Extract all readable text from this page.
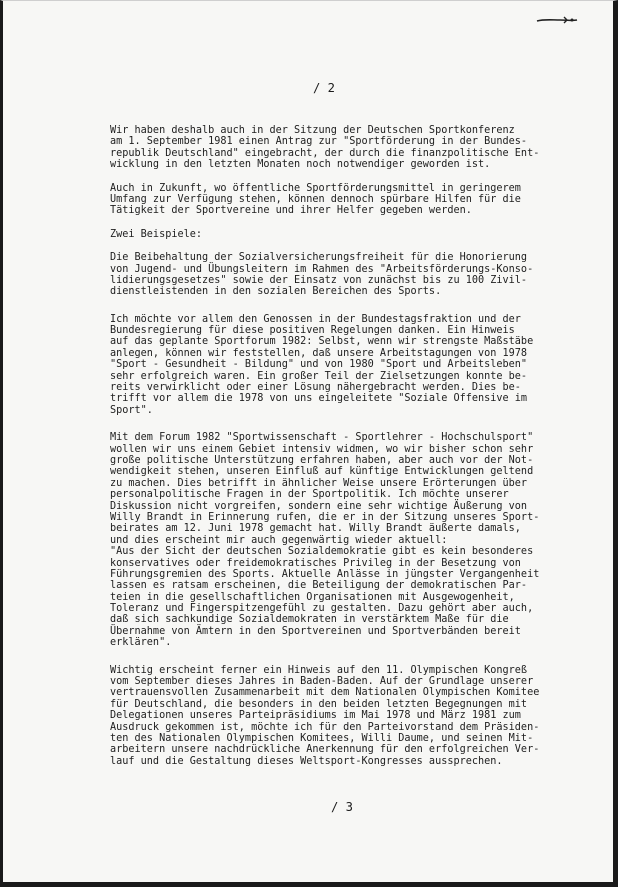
/ 2
Wir haben deshalb auch in der Sitzung der Deutschen Sportkonferenz
am 1. September 1981 einen Antrag zur "Sportförderung in der Bundes-
republik Deutschland" eingebracht, der durch die finanzpolitische Ent-
wicklung in den letzten Monaten noch notwendiger geworden ist.
Auch in Zukunft, wo öffentliche Sportförderungsmittel in geringerem
Umfang zur Verfügung stehen, können dennoch spürbare Hilfen für die
Tätigkeit der Sportvereine und ihrer Helfer gegeben werden.
Zwei Beispiele:
Die Beibehaltung der Sozialversicherungsfreiheit für die Honorierung
von Jugend- und Übungsleitern im Rahmen des "Arbeitsförderungs-Konso-
lidierungsgesetzes" sowie der Einsatz von zunächst bis zu 100 Zivil-
dienstleistenden in den sozialen Bereichen des Sports.
Ich möchte vor allem den Genossen in der Bundestagsfraktion und der
Bundesregierung für diese positiven Regelungen danken. Ein Hinweis
auf das geplante Sportforum 1982: Selbst, wenn wir strengste Maßstäbe
anlegen, können wir feststellen, daß unsere Arbeitstagungen von 1978
"Sport - Gesundheit - Bildung" und von 1980 "Sport und Arbeitsleben"
sehr erfolgreich waren. Ein großer Teil der Zielsetzungen konnte be-
reits verwirklicht oder einer Lösung nähergebracht werden. Dies be-
trifft vor allem die 1978 von uns eingeleitete "Soziale Offensive im
Sport".
Mit dem Forum 1982 "Sportwissenschaft - Sportlehrer - Hochschulsport"
wollen wir uns einem Gebiet intensiv widmen, wo wir bisher schon sehr
große politische Unterstützung erfahren haben, aber auch vor der Not-
wendigkeit stehen, unseren Einfluß auf künftige Entwicklungen geltend
zu machen. Dies betrifft in ähnlicher Weise unsere Erörterungen über
personalpolitische Fragen in der Sportpolitik. Ich möchte unserer
Diskussion nicht vorgreifen, sondern eine sehr wichtige Äußerung von
Willy Brandt in Erinnerung rufen, die er in der Sitzung unseres Sport-
beirates am 12. Juni 1978 gemacht hat. Willy Brandt äußerte damals,
und dies erscheint mir auch gegenwärtig wieder aktuell:
"Aus der Sicht der deutschen Sozialdemokratie gibt es kein besonderes
konservatives oder freidemokratisches Privileg in der Besetzung von
Führungsgremien des Sports. Aktuelle Anlässe in jüngster Vergangenheit
lassen es ratsam erscheinen, die Beteiligung der demokratischen Par-
teien in die gesellschaftlichen Organisationen mit Ausgewogenheit,
Toleranz und Fingerspitzengefühl zu gestalten. Dazu gehört aber auch,
daß sich sachkundige Sozialdemokraten in verstärktem Maße für die
Übernahme von Ämtern in den Sportvereinen und Sportverbänden bereit
erklären".
Wichtig erscheint ferner ein Hinweis auf den 11. Olympischen Kongreß
vom September dieses Jahres in Baden-Baden. Auf der Grundlage unserer
vertrauensvollen Zusammenarbeit mit dem Nationalen Olympischen Komitee
für Deutschland, die besonders in den beiden letzten Begegnungen mit
Delegationen unseres Parteipräsidiums im Mai 1978 und März 1981 zum
Ausdruck gekommen ist, möchte ich für den Parteivorstand dem Präsiden-
ten des Nationalen Olympischen Komitees, Willi Daume, und seinen Mit-
arbeitern unsere nachdrückliche Anerkennung für den erfolgreichen Ver-
lauf und die Gestaltung dieses Weltsport-Kongresses aussprechen.
/ 3
